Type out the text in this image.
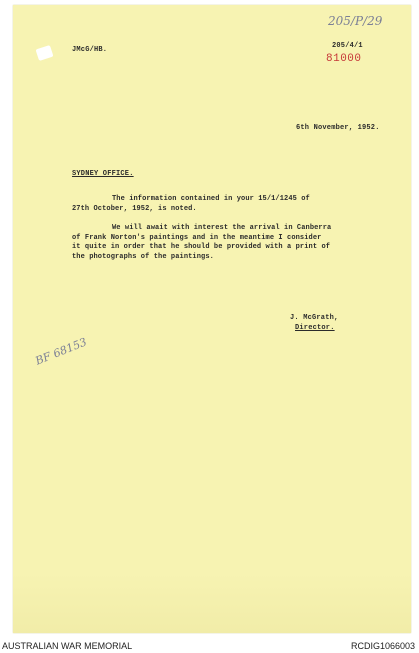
205/P/29
JMcG/HB.	205/4/1
81000
6th November, 1952.
SYDNEY OFFICE.
The information contained in your 15/1/1245 of
27th October, 1952, is noted.
We will await with interest the arrival in Canberra
of Frank Norton's paintings and in the meantime I consider
it quite in order that he should be provided with a print of
the photographs of the paintings.
J. McGrath,
Director.
BF 68153
AUSTRALIAN WAR MEMORIAL	RCDIG1066003
